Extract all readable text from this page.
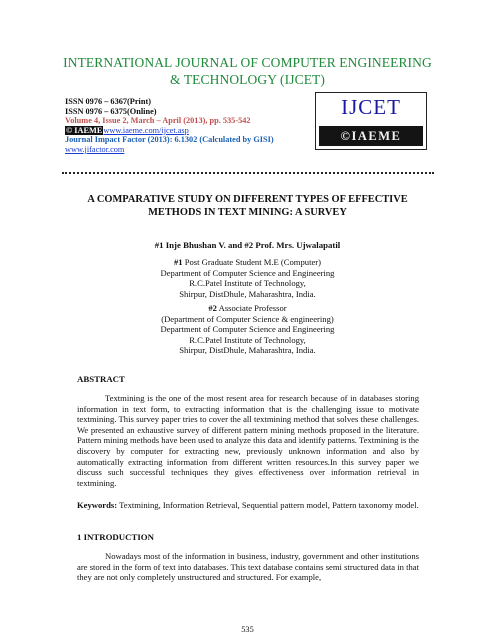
INTERNATIONAL JOURNAL OF COMPUTER ENGINEERING
& TECHNOLOGY (IJCET)
ISSN 0976 – 6367(Print)
ISSN 0976 – 6375(Online)
Volume 4, Issue 2, March – April (2013), pp. 535-542
© IAEMEwww.iaeme.com/ijcet.asp
Journal Impact Factor (2013): 6.1302 (Calculated by GISI)
www.jifactor.com
IJCET
©IAEME
A COMPARATIVE STUDY ON DIFFERENT TYPES OF EFFECTIVE
METHODS IN TEXT MINING: A SURVEY
#1 Inje Bhushan V. and #2 Prof. Mrs. Ujwalapatil
#1 Post Graduate Student M.E (Computer)
Department of Computer Science and Engineering
R.C.Patel Institute of Technology,
Shirpur, DistDhule, Maharashtra, India.
#2 Associate Professor
(Department of Computer Science & engineering)
Department of Computer Science and Engineering
R.C.Patel Institute of Technology,
Shirpur, DistDhule, Maharashtra, India.
ABSTRACT
Textmining is the one of the most resent area for research because of in databases storing information in text form, to extracting information that is the challenging issue to motivate textmining. This survey paper tries to cover the all textmining method that solves these challenges. We presented an exhaustive survey of different pattern mining methods proposed in the literature. Pattern mining methods have been used to analyze this data and identify patterns. Textmining is the discovery by computer for extracting new, previously unknown information and also by automatically extracting information from different written resources.In this survey paper we discuss such successful techniques they gives effectiveness over information retrieval in textmining.
Keywords: Textmining, Information Retrieval, Sequential pattern model, Pattern taxonomy model.
1 INTRODUCTION
Nowadays most of the information in business, industry, government and other institutions are stored in the form of text into databases. This text database contains semi structured data in that they are not only completely unstructured and structured. For example,
535
